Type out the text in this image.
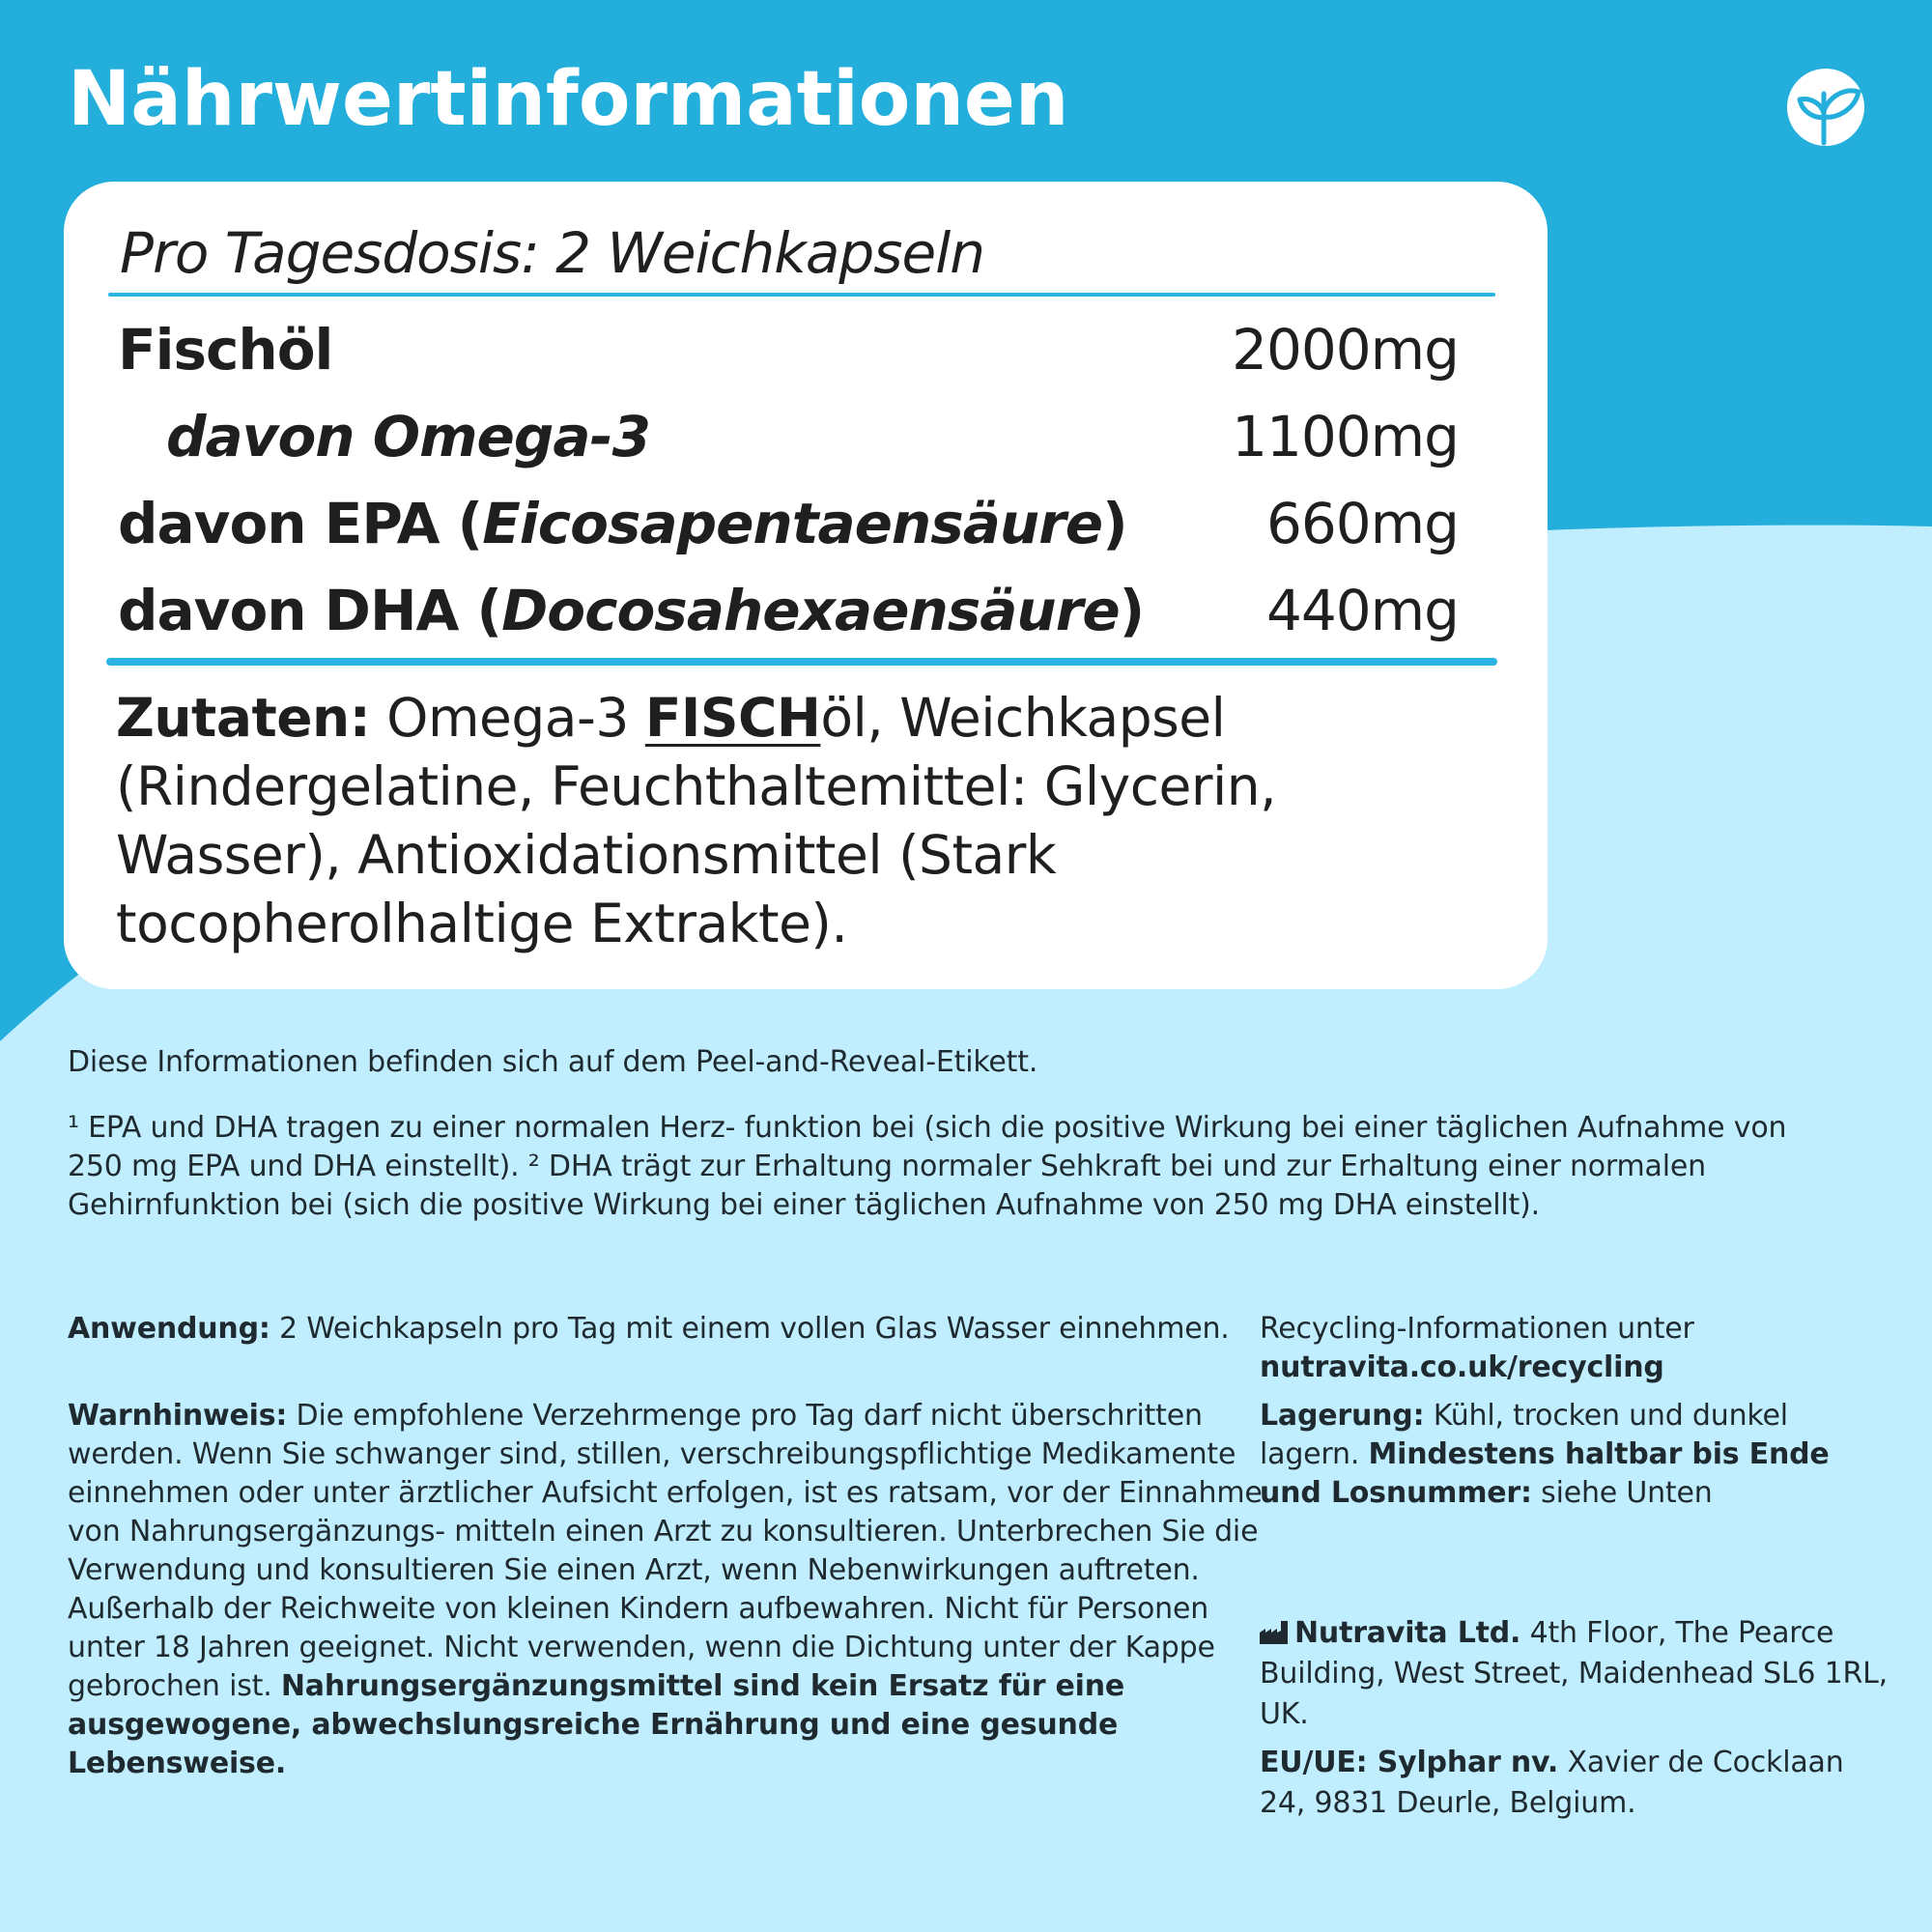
Nährwertinformationen
Pro Tagesdosis: 2 Weichkapseln
Fischöl	2000mg
davon Omega-3	1100mg
davon EPA (Eicosapentaensäure) 660mg
davon DHA (Docosahexaensäure) 440mg

Zutaten: Omega-3 FISCHöl, Weichkapsel (Rindergelatine, Feuchthaltemittel: Glycerin, Wasser), Antioxidationsmittel (Stark tocopherolhaltige Extrakte).

Diese Informationen befinden sich auf dem Peel-and-Reveal-Etikett.

¹ EPA und DHA tragen zu einer normalen Herz- funktion bei (sich die positive Wirkung bei einer täglichen Aufnahme von 250 mg EPA und DHA einstellt). ² DHA trägt zur Erhaltung normaler Sehkraft bei und zur Erhaltung einer normalen Gehirnfunktion bei (sich die positive Wirkung bei einer täglichen Aufnahme von 250 mg DHA einstellt).

Anwendung: 2 Weichkapseln pro Tag mit einem vollen Glas Wasser einnehmen.

Warnhinweis: Die empfohlene Verzehrmenge pro Tag darf nicht überschritten werden. Wenn Sie schwanger sind, stillen, verschreibungspflichtige Medikamente einnehmen oder unter ärztlicher Aufsicht erfolgen, ist es ratsam, vor der Einnahme von Nahrungsergänzungs- mitteln einen Arzt zu konsultieren. Unterbrechen Sie die Verwendung und konsultieren Sie einen Arzt, wenn Nebenwirkungen auftreten. Außerhalb der Reichweite von kleinen Kindern aufbewahren. Nicht für Personen unter 18 Jahren geeignet. Nicht verwenden, wenn die Dichtung unter der Kappe gebrochen ist. Nahrungsergänzungsmittel sind kein Ersatz für eine ausgewogene, abwechslungsreiche Ernährung und eine gesunde Lebensweise.

Recycling-Informationen unter
nutravita.co.uk/recycling

Lagerung: Kühl, trocken und dunkel lagern. Mindestens haltbar bis Ende und Losnummer: siehe Unten

Nutravita Ltd. 4th Floor, The Pearce Building, West Street, Maidenhead SL6 1RL, UK.

EU/UE: Sylphar nv. Xavier de Cocklaan 24, 9831 Deurle, Belgium.
